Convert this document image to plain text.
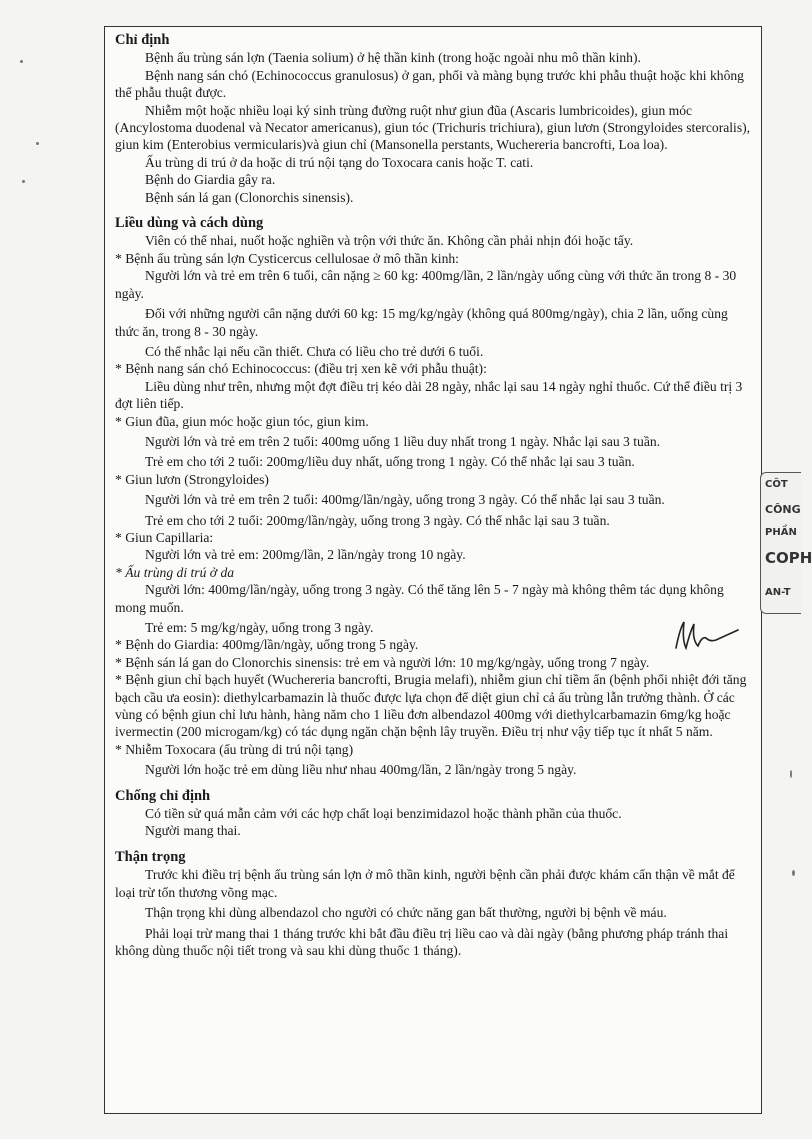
Chỉ định

Bệnh ấu trùng sán lợn (Taenia solium) ở hệ thần kinh (trong hoặc ngoài nhu mô thần kinh).

Bệnh nang sán chó (Echinococcus granulosus) ở gan, phổi và màng bụng trước khi phẫu thuật hoặc khi không thể phẫu thuật được.

Nhiễm một hoặc nhiều loại ký sinh trùng đường ruột như giun đũa (Ascaris lumbricoides), giun móc (Ancylostoma duodenal và Necator americanus), giun tóc (Trichuris trichiura), giun lươn (Strongyloides stercoralis), giun kim (Enterobius vermicularis)và giun chỉ (Mansonella perstants, Wuchereria bancrofti, Loa loa).

Ấu trùng di trú ở da hoặc di trú nội tạng do Toxocara canis hoặc T. cati.

Bệnh do Giardia gây ra.

Bệnh sán lá gan (Clonorchis sinensis).

Liều dùng và cách dùng

Viên có thể nhai, nuốt hoặc nghiền và trộn với thức ăn. Không cần phải nhịn đói hoặc tẩy.

* Bệnh ấu trùng sán lợn Cysticercus cellulosae ở mô thần kinh:

Người lớn và trẻ em trên 6 tuổi, cân nặng ≥ 60 kg: 400mg/lần, 2 lần/ngày uống cùng với thức ăn trong 8 - 30 ngày.

Đối với những người cân nặng dưới 60 kg: 15 mg/kg/ngày (không quá 800mg/ngày), chia 2 lần, uống cùng thức ăn, trong 8 - 30 ngày.

Có thể nhắc lại nếu cần thiết. Chưa có liều cho trẻ dưới 6 tuổi.

* Bệnh nang sán chó Echinococcus: (điều trị xen kẽ với phẫu thuật):

Liều dùng như trên, nhưng một đợt điều trị kéo dài 28 ngày, nhắc lại sau 14 ngày nghỉ thuốc. Cứ thể điều trị 3 đợt liên tiếp.

* Giun đũa, giun móc hoặc giun tóc, giun kim.

Người lớn và trẻ em trên 2 tuổi: 400mg uống 1 liều duy nhất trong 1 ngày. Nhắc lại sau 3 tuần.

Trẻ em cho tới 2 tuổi: 200mg/liều duy nhất, uống trong 1 ngày. Có thể nhắc lại sau 3 tuần.

* Giun lươn (Strongyloides)

Người lớn và trẻ em trên 2 tuổi: 400mg/lần/ngày, uống trong 3 ngày. Có thể nhắc lại sau 3 tuần.

Trẻ em cho tới 2 tuổi: 200mg/lần/ngày, uống trong 3 ngày. Có thể nhắc lại sau 3 tuần.

* Giun Capillaria:

Người lớn và trẻ em: 200mg/lần, 2 lần/ngày trong 10 ngày.

* Ấu trùng di trú ở da

Người lớn: 400mg/lần/ngày, uống trong 3 ngày. Có thể tăng lên 5 - 7 ngày mà không thêm tác dụng không mong muốn.

Trẻ em: 5 mg/kg/ngày, uống trong 3 ngày.

* Bệnh do Giardia: 400mg/lần/ngày, uống trong 5 ngày.

* Bệnh sán lá gan do Clonorchis sinensis: trẻ em và người lớn: 10 mg/kg/ngày, uống trong 7 ngày.

* Bệnh giun chỉ bạch huyết (Wuchereria bancrofti, Brugia melafi), nhiễm giun chỉ tiềm ẩn (bệnh phổi nhiệt đới tăng bạch cầu ưa eosin): diethylcarbamazin là thuốc được lựa chọn để diệt giun chỉ cả ấu trùng lẫn trưởng thành. Ở các vùng có bệnh giun chỉ lưu hành, hàng năm cho 1 liều đơn albendazol 400mg với diethylcarbamazin 6mg/kg hoặc ivermectin (200 microgam/kg) có tác dụng ngăn chặn bệnh lây truyền. Điều trị như vậy tiếp tục ít nhất 5 năm.

* Nhiễm Toxocara (ấu trùng di trú nội tạng)

Người lớn hoặc trẻ em dùng liều như nhau 400mg/lần, 2 lần/ngày trong 5 ngày.

Chống chỉ định

Có tiền sử quá mẫn cảm với các hợp chất loại benzimidazol hoặc thành phần của thuốc.

Người mang thai.

Thận trọng

Trước khi điều trị bệnh ấu trùng sán lợn ở mô thần kinh, người bệnh cần phải được khám cẩn thận về mắt để loại trừ tổn thương võng mạc.

Thận trọng khi dùng albendazol cho người có chức năng gan bất thường, người bị bệnh về máu.

Phải loại trừ mang thai 1 tháng trước khi bắt đầu điều trị liều cao và dài ngày (bằng phương pháp tránh thai không dùng thuốc nội tiết trong và sau khi dùng thuốc 1 tháng).

CÔT
CÔNG
PHẦN
COPH
AN-T
